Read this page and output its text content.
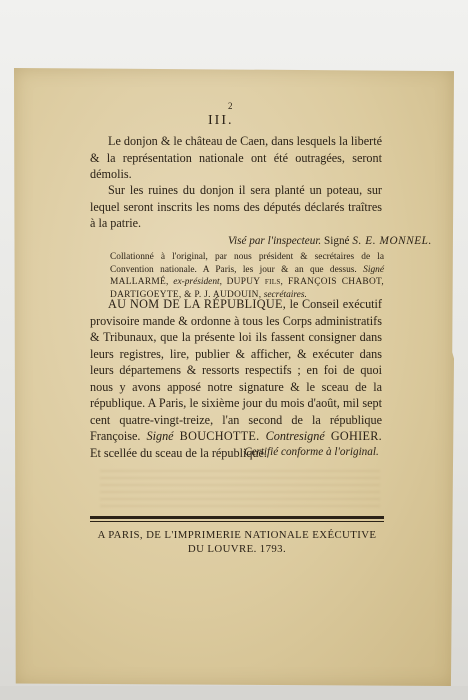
2
III.
Le donjon & le château de Caen, dans lesquels la liberté & la représentation nationale ont été outragées, seront démolis.
Sur les ruines du donjon il sera planté un poteau, sur lequel seront inscrits les noms des députés déclarés traîtres à la patrie.
Visé par l'inspecteur. Signé S. E. MONNEL.
Collationné à l'original, par nous président & secrétaires de la Convention nationale. A Paris, les jour & an que dessus. Signé MALLARMÉ, ex-président, DUPUY fils, FRANÇOIS CHABOT, DARTIGOEYTE, & P. J. AUDOUIN, secrétaires.
AU NOM DE LA RÉPUBLIQUE, le Conseil exécutif provisoire mande & ordonne à tous les Corps administratifs & Tribunaux, que la présente loi ils fassent consigner dans leurs registres, lire, publier & afficher, & exécuter dans leurs départemens & ressorts respectifs ; en foi de quoi nous y avons apposé notre signature & le sceau de la république. A Paris, le sixième jour du mois d'août, mil sept cent quatre-vingt-treize, l'an second de la république Françoise. Signé BOUCHOTTE. Contresigné GOHIER. Et scellée du sceau de la république.
Certifié conforme à l'original.
A PARIS, DE L'IMPRIMERIE NATIONALE EXÉCUTIVE
DU LOUVRE. 1793.
